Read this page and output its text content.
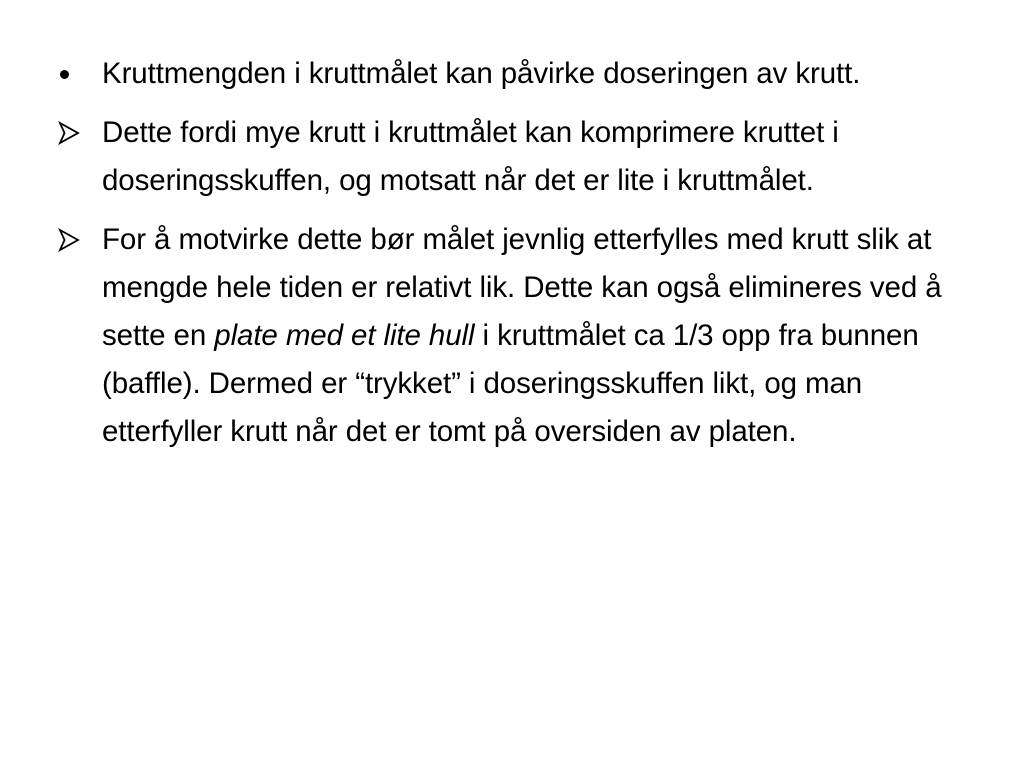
Kruttmengden i kruttmålet kan påvirke doseringen av krutt.
Dette fordi mye krutt i kruttmålet kan komprimere kruttet i doseringsskuffen, og motsatt når det er lite i kruttmålet.
For å motvirke dette bør målet jevnlig etterfylles med krutt slik at mengde hele tiden er relativt lik. Dette kan også elimineres ved å sette en plate med et lite hull i kruttmålet ca 1/3 opp fra bunnen (baffle). Dermed er “trykket” i doseringsskuffen likt, og man etterfyller krutt når det er tomt på oversiden av platen.
